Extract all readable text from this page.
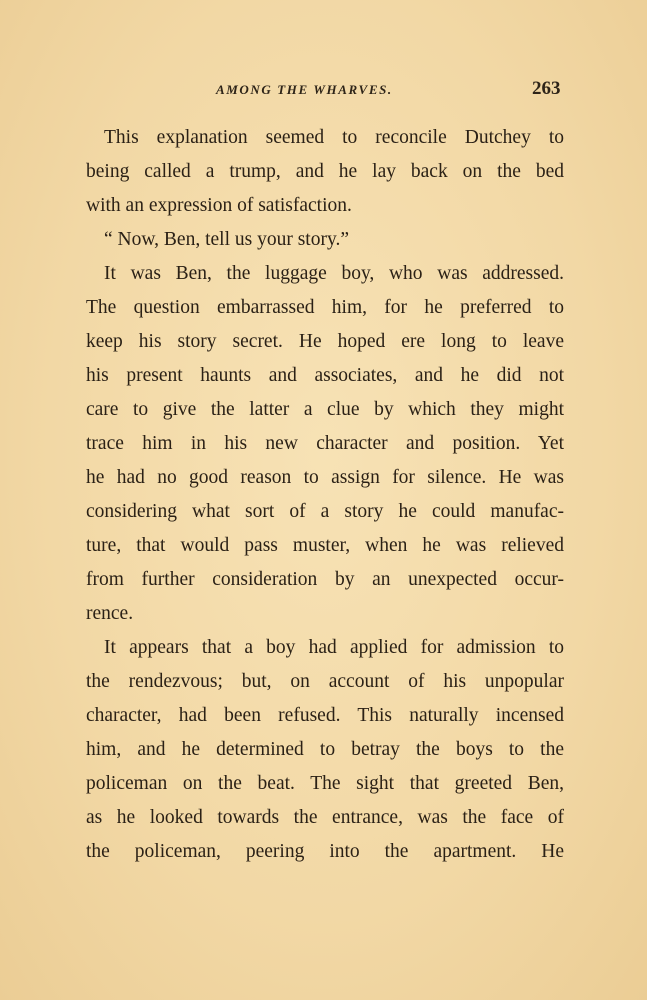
AMONG THE WHARVES.	263
This explanation seemed to reconcile Dutchey to
being called a trump, and he lay back on the bed
with an expression of satisfaction.
“ Now, Ben, tell us your story.”
It was Ben, the luggage boy, who was addressed.
The question embarrassed him, for he preferred to
keep his story secret. He hoped ere long to leave
his present haunts and associates, and he did not
care to give the latter a clue by which they might
trace him in his new character and position. Yet
he had no good reason to assign for silence. He was
considering what sort of a story he could manufac-
ture, that would pass muster, when he was relieved
from further consideration by an unexpected occur-
rence.
It appears that a boy had applied for admission to
the rendezvous; but, on account of his unpopular
character, had been refused. This naturally incensed
him, and he determined to betray the boys to the
policeman on the beat. The sight that greeted Ben,
as he looked towards the entrance, was the face of
the policeman, peering into the apartment. He
